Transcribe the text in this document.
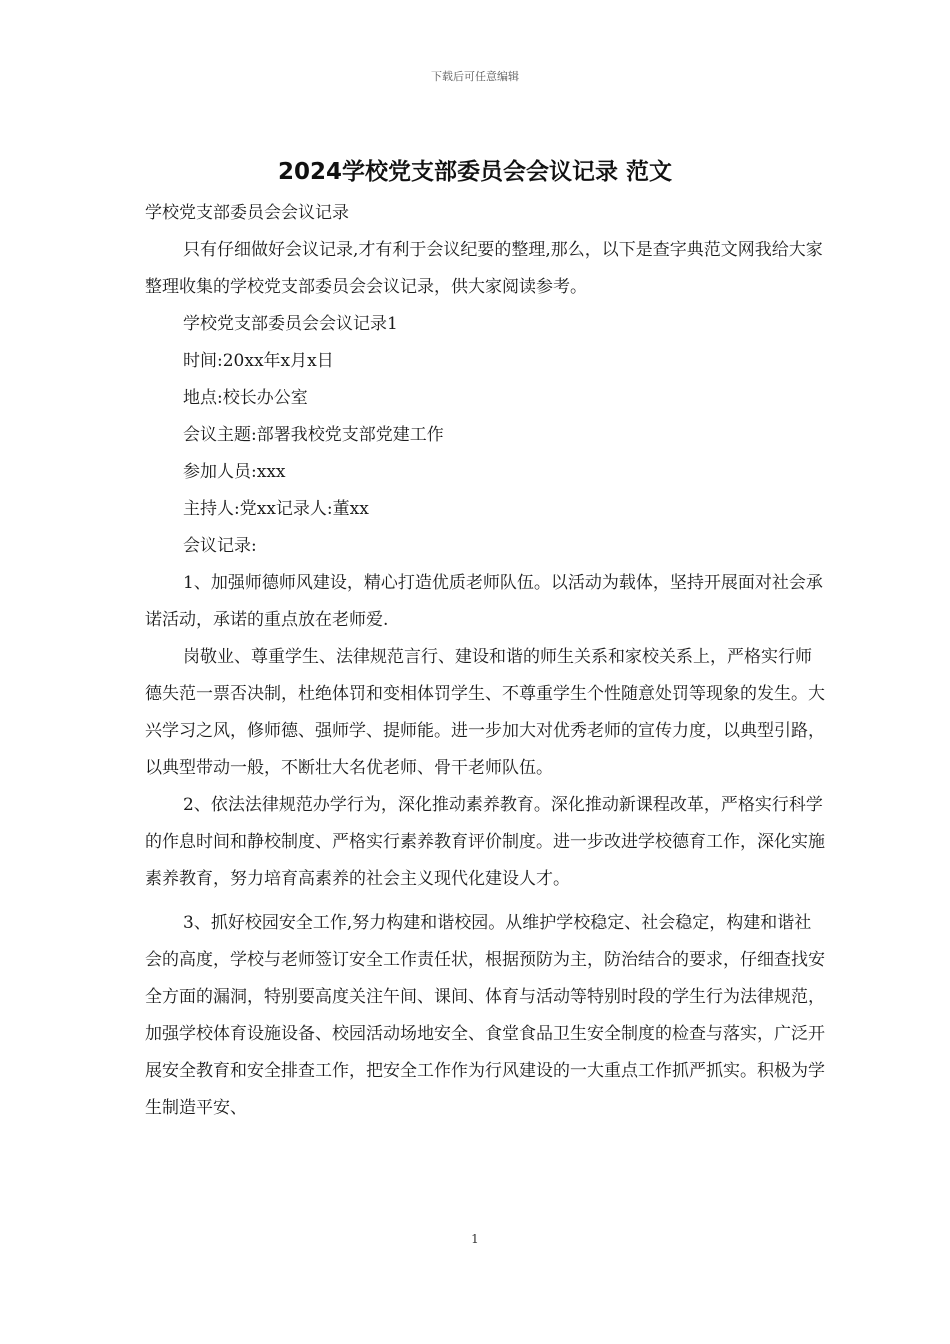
下载后可任意编辑
2024学校党支部委员会会议记录 范文

学校党支部委员会会议记录

只有仔细做好会议记录,才有利于会议纪要的整理,那么，以下是查字典范文网我给大家整理收集的学校党支部委员会会议记录，供大家阅读参考。

学校党支部委员会会议记录1

时间:20xx年x月x日

地点:校长办公室

会议主题:部署我校党支部党建工作

参加人员:xxx

主持人:党xx记录人:董xx

会议记录:

1、加强师德师风建设，精心打造优质老师队伍。以活动为载体，坚持开展面对社会承诺活动，承诺的重点放在老师爱.

岗敬业、尊重学生、法律规范言行、建设和谐的师生关系和家校关系上，严格实行师德失范一票否决制，杜绝体罚和变相体罚学生、不尊重学生个性随意处罚等现象的发生。大兴学习之风，修师德、强师学、提师能。进一步加大对优秀老师的宣传力度，以典型引路，以典型带动一般，不断壮大名优老师、骨干老师队伍。

2、依法法律规范办学行为，深化推动素养教育。深化推动新课程改革，严格实行科学的作息时间和静校制度、严格实行素养教育评价制度。进一步改进学校德育工作，深化实施素养教育，努力培育高素养的社会主义现代化建设人才。

3、抓好校园安全工作,努力构建和谐校园。从维护学校稳定、社会稳定，构建和谐社会的高度，学校与老师签订安全工作责任状，根据预防为主，防治结合的要求，仔细查找安全方面的漏洞，特别要高度关注午间、课间、体育与活动等特别时段的学生行为法律规范，加强学校体育设施设备、校园活动场地安全、食堂食品卫生安全制度的检查与落实，广泛开展安全教育和安全排查工作，把安全工作作为行风建设的一大重点工作抓严抓实。积极为学生制造平安、

1
